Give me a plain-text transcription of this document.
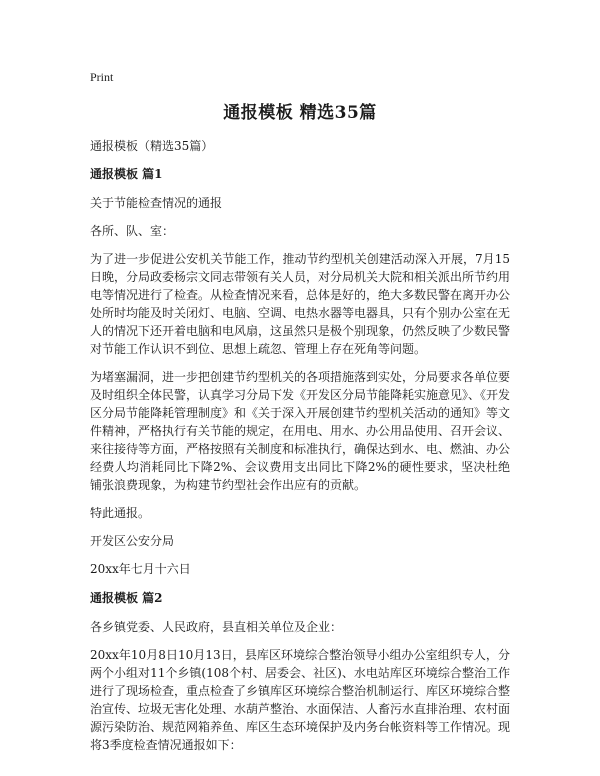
Print
通报模板 精选35篇

通报模板（精选35篇）

通报模板 篇1

关于节能检查情况的通报

各所、队、室：

为了进一步促进公安机关节能工作，推动节约型机关创建活动深入开展，7月15日晚，分局政委杨宗文同志带领有关人员，对分局机关大院和相关派出所节约用电等情况进行了检查。从检查情况来看，总体是好的，绝大多数民警在离开办公处所时均能及时关闭灯、电脑、空调、电热水器等电器具，只有个别办公室在无人的情况下还开着电脑和电风扇，这虽然只是极个别现象，仍然反映了少数民警对节能工作认识不到位、思想上疏忽、管理上存在死角等问题。

为堵塞漏洞，进一步把创建节约型机关的各项措施落到实处，分局要求各单位要及时组织全体民警，认真学习分局下发《开发区分局节能降耗实施意见》、《开发区分局节能降耗管理制度》和《关于深入开展创建节约型机关活动的通知》等文件精神，严格执行有关节能的规定，在用电、用水、办公用品使用、召开会议、来往接待等方面，严格按照有关制度和标准执行，确保达到水、电、燃油、办公经费人均消耗同比下降2%、会议费用支出同比下降2%的硬性要求，坚决杜绝铺张浪费现象，为构建节约型社会作出应有的贡献。

特此通报。

开发区公安分局

20xx年七月十六日

通报模板 篇2

各乡镇党委、人民政府，县直相关单位及企业：

20xx年10月8日10月13日，县库区环境综合整治领导小组办公室组织专人，分两个小组对11个乡镇(108个村、居委会、社区)、水电站库区环境综合整治工作进行了现场检查，重点检查了乡镇库区环境综合整治机制运行、库区环境综合整治宣传、垃圾无害化处理、水葫芦整治、水面保洁、人畜污水直排治理、农村面源污染防治、规范网箱养鱼、库区生态环境保护及内务台帐资料等工作情况。现将3季度检查情况通报如下：
